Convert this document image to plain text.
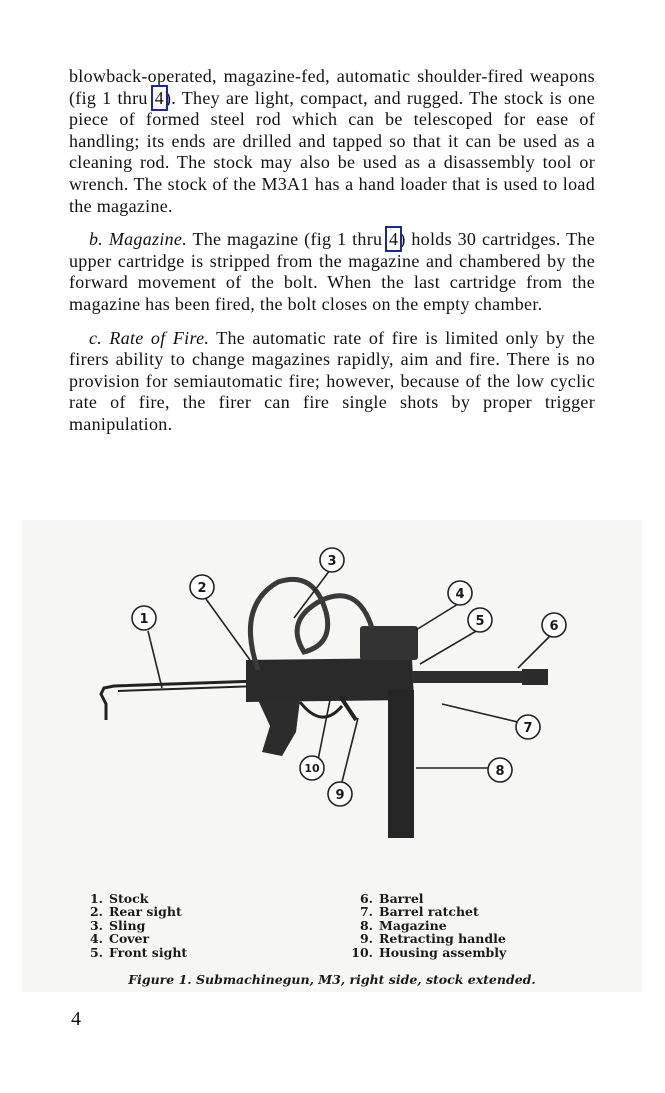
blowback-operated, magazine-fed, automatic shoulder-fired weapons (fig 1 thru 4). They are light, compact, and rugged. The stock is one piece of formed steel rod which can be telescoped for ease of handling; its ends are drilled and tapped so that it can be used as a cleaning rod. The stock may also be used as a disassembly tool or wrench. The stock of the M3A1 has a hand loader that is used to load the magazine.

b. Magazine. The magazine (fig 1 thru 4) holds 30 cartridges. The upper cartridge is stripped from the magazine and chambered by the forward movement of the bolt. When the last cartridge from the magazine has been fired, the bolt closes on the empty chamber.

c. Rate of Fire. The automatic rate of fire is limited only by the firers ability to change magazines rapidly, aim and fire. There is no provision for semiautomatic fire; however, because of the low cyclic rate of fire, the firer can fire single shots by proper trigger manipulation.

1
2
3
4
5	6
7
8
9
10
1. Stock
2. Rear sight
3. Sling
4. Cover
5. Front sight
6. Barrel
7. Barrel ratchet
8. Magazine
9. Retracting handle
10. Housing assembly
Figure 1. Submachinegun, M3, right side, stock extended.
4
